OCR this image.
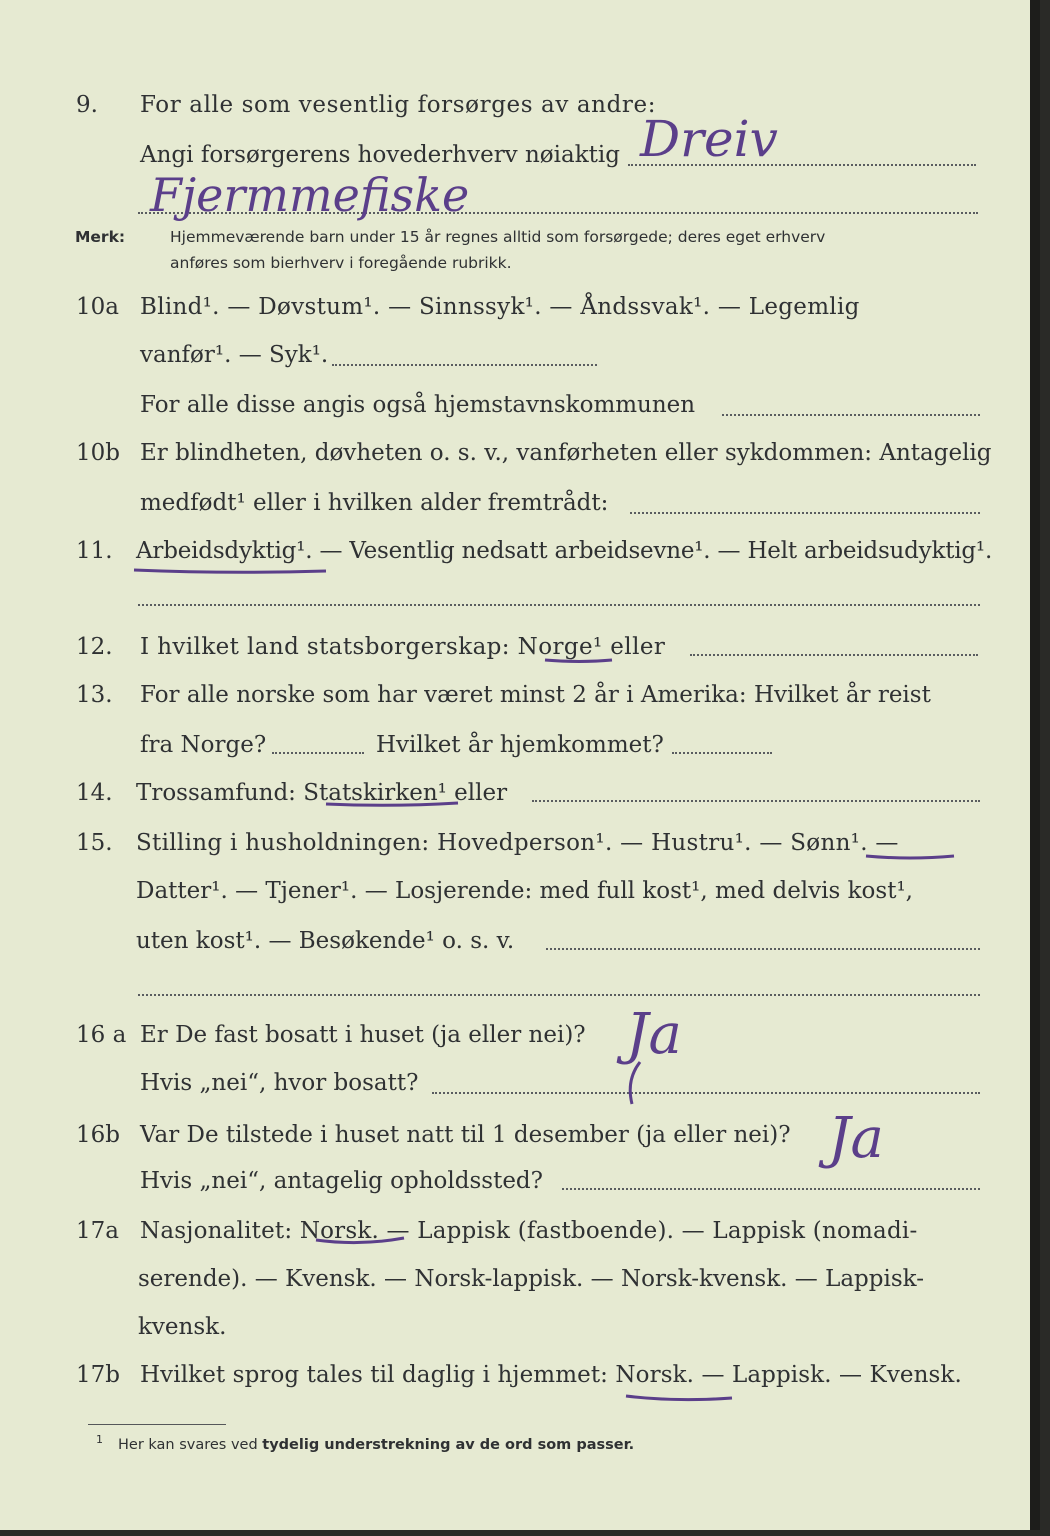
9. For alle som vesentlig forsørges av andre:
Angi forsørgerens hovederhverv nøiaktig Dreiv
Fjermmefiske
Merk:	Hjemmeværende barn under 15 år regnes alltid som forsørgede; deres eget erhverv
anføres som bierhverv i foregående rubrikk.
10a Blind¹. — Døvstum¹. — Sinnssyk¹. — Åndssvak¹. — Legemlig
vanfør¹. — Syk¹.
For alle disse angis også hjemstavnskommunen
10b Er blindheten, døvheten o. s. v., vanførheten eller sykdommen: Antagelig
medfødt¹ eller i hvilken alder fremtrådt:
11. Arbeidsdyktig¹. — Vesentlig nedsatt arbeidsevne¹. — Helt arbeidsudyktig¹.
12. I hvilket land statsborgerskap: Norge¹ eller
13. For alle norske som har været minst 2 år i Amerika: Hvilket år reist
fra Norge?	Hvilket år hjemkommet?
14. Trossamfund: Statskirken¹ eller
15. Stilling i husholdningen: Hovedperson¹. — Hustru¹. — Sønn¹. —
Datter¹. — Tjener¹. — Losjerende: med full kost¹, med delvis kost¹,
uten kost¹. — Besøkende¹ o. s. v.
16 a Er De fast bosatt i huset (ja eller nei)? Ja
Hvis „nei“, hvor bosatt?
16b Var De tilstede i huset natt til 1 desember (ja eller nei)? Ja
Hvis „nei“, antagelig opholdssted?
17a Nasjonalitet: Norsk. — Lappisk (fastboende). — Lappisk (nomadi-
serende). — Kvensk. — Norsk-lappisk. — Norsk-kvensk. — Lappisk-
kvensk.
17b Hvilket sprog tales til daglig i hjemmet: Norsk. — Lappisk. — Kvensk.
1 Her kan svares ved tydelig understrekning av de ord som passer.
